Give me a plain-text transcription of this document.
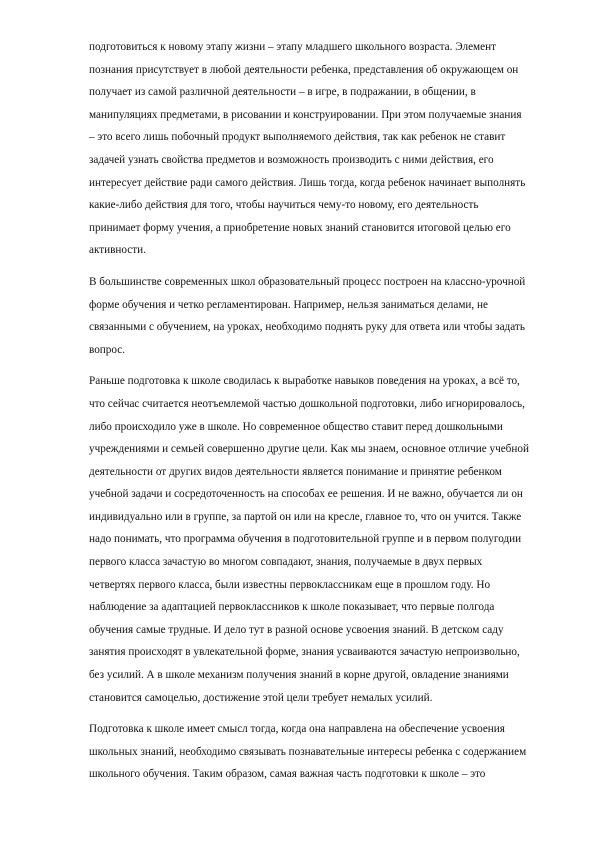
подготовиться к новому этапу жизни – этапу младшего школьного возраста. Элемент
познания присутствует в любой деятельности ребенка, представления об окружающем он
получает из самой различной деятельности – в игре, в подражании, в общении, в
манипуляциях предметами, в рисовании и конструировании. При этом получаемые знания
– это всего лишь побочный продукт выполняемого действия, так как ребенок не ставит
задачей узнать свойства предметов и возможность производить с ними действия, его
интересует действие ради самого действия. Лишь тогда, когда ребенок начинает выполнять
какие-либо действия для того, чтобы научиться чему-то новому, его деятельность
принимает форму учения, а приобретение новых знаний становится итоговой целью его
активности.
В большинстве современных школ образовательный процесс построен на классно-урочной
форме обучения и четко регламентирован. Например, нельзя заниматься делами, не
связанными с обучением, на уроках, необходимо поднять руку для ответа или чтобы задать
вопрос.
Раньше подготовка к школе сводилась к выработке навыков поведения на уроках, а всё то,
что сейчас считается неотъемлемой частью дошкольной подготовки, либо игнорировалось,
либо происходило уже в школе. Но современное общество ставит перед дошкольными
учреждениями и семьей совершенно другие цели. Как мы знаем, основное отличие учебной
деятельности от других видов деятельности является понимание и принятие ребенком
учебной задачи и сосредоточенность на способах ее решения. И не важно, обучается ли он
индивидуально или в группе, за партой он или на кресле, главное то, что он учится. Также
надо понимать, что программа обучения в подготовительной группе и в первом полугодии
первого класса зачастую во многом совпадают, знания, получаемые в двух первых
четвертях первого класса, были известны первоклассникам еще в прошлом году. Но
наблюдение за адаптацией первоклассников к школе показывает, что первые полгода
обучения самые трудные. И дело тут в разной основе усвоения знаний. В детском саду
занятия происходят в увлекательной форме, знания усваиваются зачастую непроизвольно,
без усилий. А в школе механизм получения знаний в корне другой, овладение знаниями
становится самоцелью, достижение этой цели требует немалых усилий.
Подготовка к школе имеет смысл тогда, когда она направлена на обеспечение усвоения
школьных знаний, необходимо связывать познавательные интересы ребенка с содержанием
школьного обучения. Таким образом, самая важная часть подготовки к школе – это
